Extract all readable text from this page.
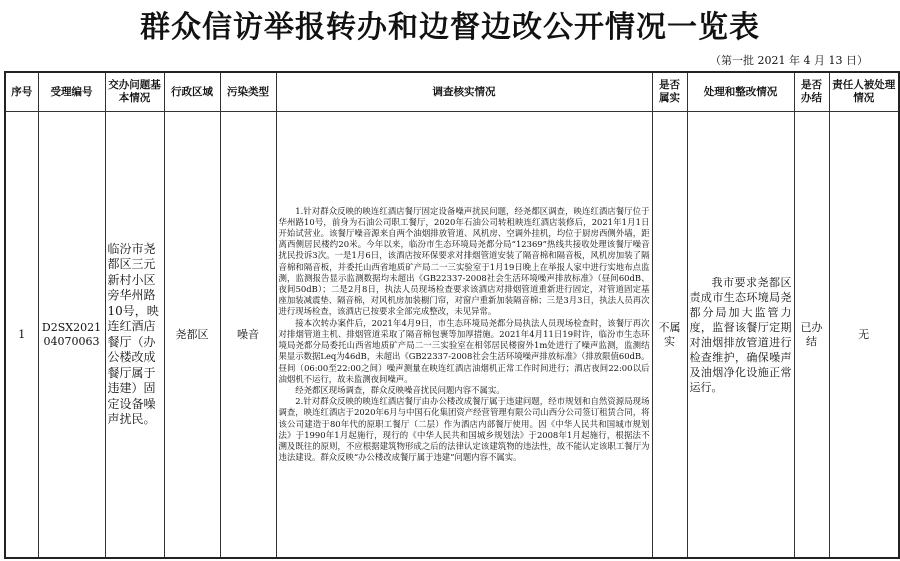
群众信访举报转办和边督边改公开情况一览表
（第一批 2021 年 4 月 13 日）
序号	受理编号	交办问题基本情况	行政区域	污染类型	调查核实情况	是否属实	处理和整改情况	是否办结	责任人被处理情况
1	D2SX2021 04070063	临汾市尧都区三元新村小区旁华州路10号，映连红酒店餐厅（办公楼改成餐厅属于违建）固定设备噪声扰民。	尧都区	噪音	1.针对群众反映的映连红酒店餐厅固定设备噪声扰民问题，经尧都区调查，映连红酒店餐厅位于华州路10号，前身为石油公司职工餐厅，2020年石油公司转租映连红酒店装修后，2021年1月1日开始试营业。该餐厅噪音源来自两个油烟排放管道、风机房、空调外挂机，均位于厨房西侧外墙，距离西侧居民楼约20米。今年以来，临汾市生态环境局尧都分局“12369”热线共接收处理该餐厅噪音扰民投诉3次。一是1月6日，该酒店按环保要求对排烟管道安装了隔音棉和隔音板，风机房加装了隔音棉和隔音板，并委托山西省地质矿产局二一三实验室于1月19日晚上在举报人家中进行实地布点监测，监测报告显示监测数据均未超出《GB22337-2008社会生活环境噪声排放标准》（昼间60dB、夜间50dB）；二是2月8日，执法人员现场检查要求该酒店对排烟管道重新进行固定，对管道固定基座加装减震垫、隔音棉，对风机房加装橱门帘，对窗户重新加装隔音棉；三是3月3日，执法人员再次进行现场检查，该酒店已按要求全部完成整改，未见异常。

接本次转办案件后，2021年4月9日，市生态环境局尧都分局执法人员现场检查时，该餐厅再次对排烟管道主机、排烟管道采取了隔音棉包裹等加厚措施。2021年4月11日19时许，临汾市生态环境局尧都分局委托山西省地质矿产局二一三实验室在相邻居民楼窗外1m处进行了噪声监测，监测结果显示数据Leq为46dB，未超出《GB22337-2008社会生活环境噪声排放标准》（排放限值60dB。昼间（06:00至22:00之间）噪声测量在映连红酒店油烟机正常工作时间进行；酒店夜间22:00以后油烟机不运行，故未监测夜间噪声。

经尧都区现场调查，群众反映噪音扰民问题内容不属实。

2.针对群众反映的映连红酒店餐厅由办公楼改成餐厅属于违建问题，经市规划和自然资源局现场调查，映连红酒店于2020年6月与中国石化集团资产经营管理有限公司山西分公司签订租赁合同，将该公司建造于80年代的原职工餐厅（二层）作为酒店内部餐厅使用。因《中华人民共和国城市规划法》于1990年1月起施行，现行的《中华人民共和国城乡规划法》于2008年1月起施行，根据法不溯及既往的原则，不应根据建筑物形成之后的法律认定该建筑物的违法性，故不能认定该职工餐厅为违法建设。群众反映“办公楼改成餐厅属于违建”问题内容不属实。	不属实	我市要求尧都区责成市生态环境局尧都分局加大监管力度，监督该餐厅定期对油烟排放管道进行检查维护，确保噪声及油烟净化设施正常运行。	已办结	无
